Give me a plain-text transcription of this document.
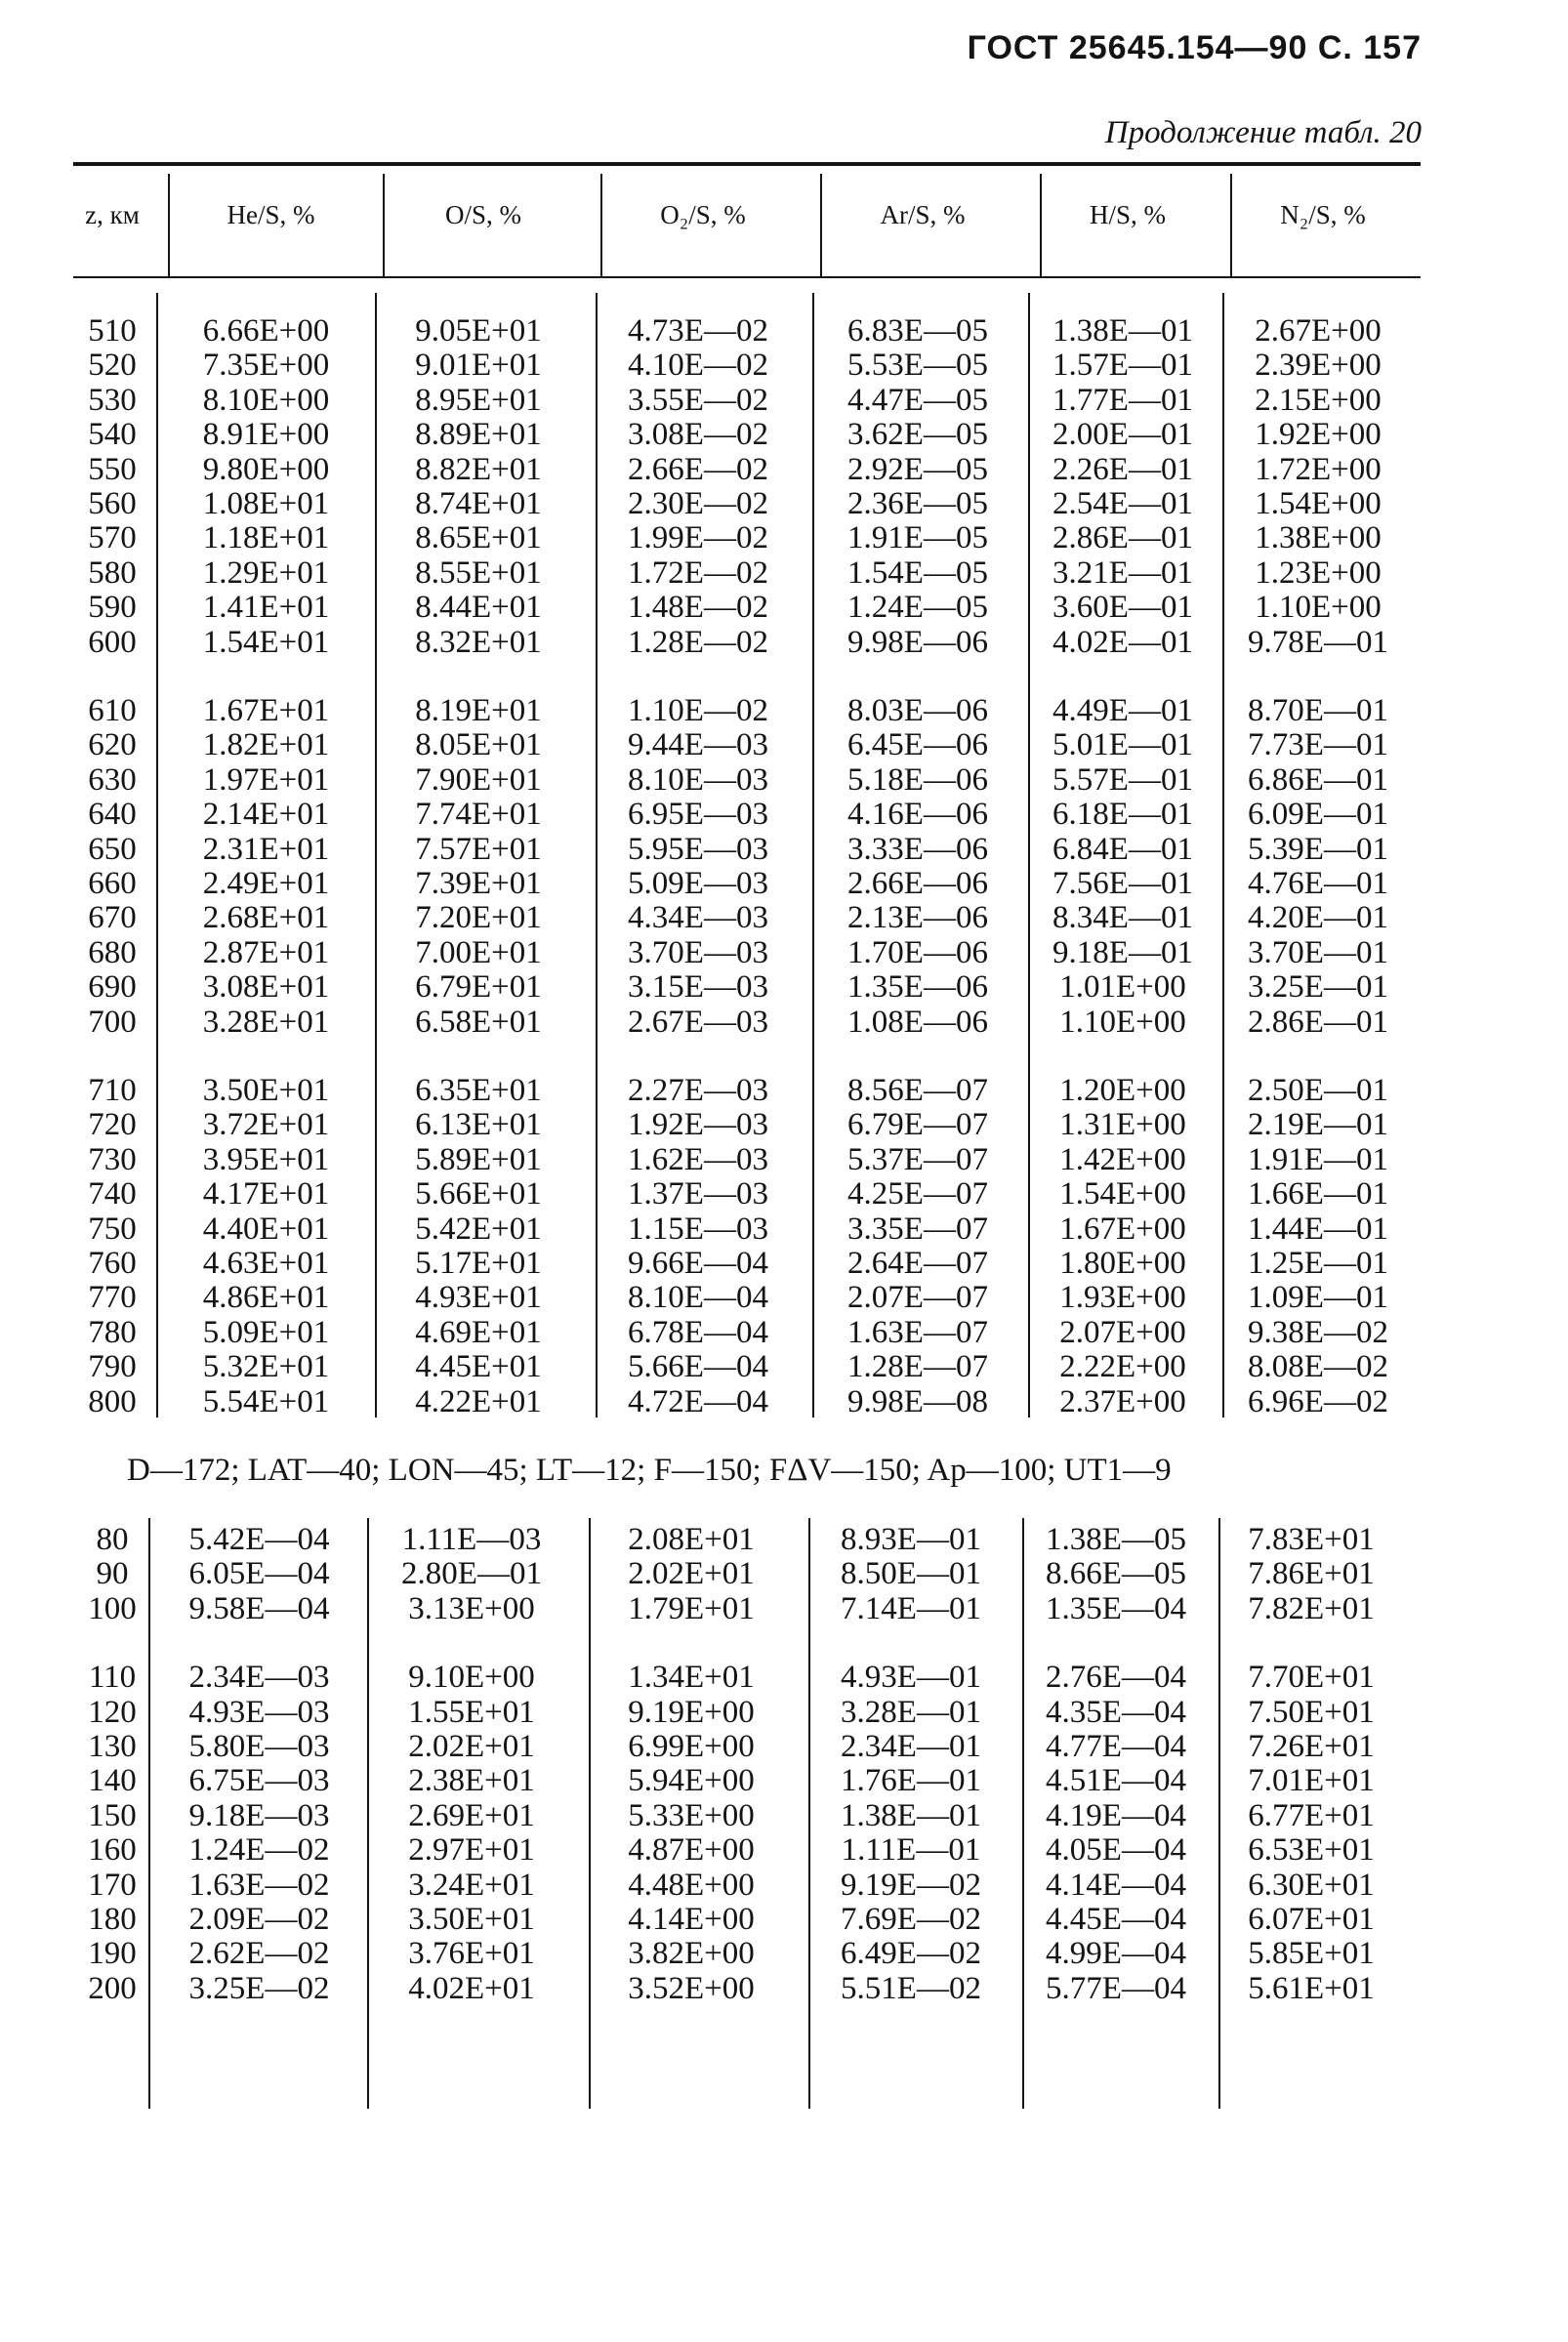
ГОСТ 25645.154—90 С. 157
Продолжение табл. 20
z, км	He/S, %	O/S, %	O₂/S, %	Ar/S, %	H/S, %	N₂/S, %
510	6.66E+00	9.05E+01	4.73E—02	6.83E—05	1.38E—01	2.67E+00
520	7.35E+00	9.01E+01	4.10E—02	5.53E—05	1.57E—01	2.39E+00
530	8.10E+00	8.95E+01	3.55E—02	4.47E—05	1.77E—01	2.15E+00
540	8.91E+00	8.89E+01	3.08E—02	3.62E—05	2.00E—01	1.92E+00
550	9.80E+00	8.82E+01	2.66E—02	2.92E—05	2.26E—01	1.72E+00
560	1.08E+01	8.74E+01	2.30E—02	2.36E—05	2.54E—01	1.54E+00
570	1.18E+01	8.65E+01	1.99E—02	1.91E—05	2.86E—01	1.38E+00
580	1.29E+01	8.55E+01	1.72E—02	1.54E—05	3.21E—01	1.23E+00
590	1.41E+01	8.44E+01	1.48E—02	1.24E—05	3.60E—01	1.10E+00
600	1.54E+01	8.32E+01	1.28E—02	9.98E—06	4.02E—01	9.78E—01
610	1.67E+01	8.19E+01	1.10E—02	8.03E—06	4.49E—01	8.70E—01
620	1.82E+01	8.05E+01	9.44E—03	6.45E—06	5.01E—01	7.73E—01
630	1.97E+01	7.90E+01	8.10E—03	5.18E—06	5.57E—01	6.86E—01
640	2.14E+01	7.74E+01	6.95E—03	4.16E—06	6.18E—01	6.09E—01
650	2.31E+01	7.57E+01	5.95E—03	3.33E—06	6.84E—01	5.39E—01
660	2.49E+01	7.39E+01	5.09E—03	2.66E—06	7.56E—01	4.76E—01
670	2.68E+01	7.20E+01	4.34E—03	2.13E—06	8.34E—01	4.20E—01
680	2.87E+01	7.00E+01	3.70E—03	1.70E—06	9.18E—01	3.70E—01
690	3.08E+01	6.79E+01	3.15E—03	1.35E—06	1.01E+00	3.25E—01
700	3.28E+01	6.58E+01	2.67E—03	1.08E—06	1.10E+00	2.86E—01
710	3.50E+01	6.35E+01	2.27E—03	8.56E—07	1.20E+00	2.50E—01
720	3.72E+01	6.13E+01	1.92E—03	6.79E—07	1.31E+00	2.19E—01
730	3.95E+01	5.89E+01	1.62E—03	5.37E—07	1.42E+00	1.91E—01
740	4.17E+01	5.66E+01	1.37E—03	4.25E—07	1.54E+00	1.66E—01
750	4.40E+01	5.42E+01	1.15E—03	3.35E—07	1.67E+00	1.44E—01
760	4.63E+01	5.17E+01	9.66E—04	2.64E—07	1.80E+00	1.25E—01
770	4.86E+01	4.93E+01	8.10E—04	2.07E—07	1.93E+00	1.09E—01
780	5.09E+01	4.69E+01	6.78E—04	1.63E—07	2.07E+00	9.38E—02
790	5.32E+01	4.45E+01	5.66E—04	1.28E—07	2.22E+00	8.08E—02
800	5.54E+01	4.22E+01	4.72E—04	9.98E—08	2.37E+00	6.96E—02
D—172; LAT—40; LON—45; LT—12; F—150; FΔV—150; Ap—100; UT1—9
80	5.42E—04	1.11E—03	2.08E+01	8.93E—01	1.38E—05	7.83E+01
90	6.05E—04	2.80E—01	2.02E+01	8.50E—01	8.66E—05	7.86E+01
100	9.58E—04	3.13E+00	1.79E+01	7.14E—01	1.35E—04	7.82E+01
110	2.34E—03	9.10E+00	1.34E+01	4.93E—01	2.76E—04	7.70E+01
120	4.93E—03	1.55E+01	9.19E+00	3.28E—01	4.35E—04	7.50E+01
130	5.80E—03	2.02E+01	6.99E+00	2.34E—01	4.77E—04	7.26E+01
140	6.75E—03	2.38E+01	5.94E+00	1.76E—01	4.51E—04	7.01E+01
150	9.18E—03	2.69E+01	5.33E+00	1.38E—01	4.19E—04	6.77E+01
160	1.24E—02	2.97E+01	4.87E+00	1.11E—01	4.05E—04	6.53E+01
170	1.63E—02	3.24E+01	4.48E+00	9.19E—02	4.14E—04	6.30E+01
180	2.09E—02	3.50E+01	4.14E+00	7.69E—02	4.45E—04	6.07E+01
190	2.62E—02	3.76E+01	3.82E+00	6.49E—02	4.99E—04	5.85E+01
200	3.25E—02	4.02E+01	3.52E+00	5.51E—02	5.77E—04	5.61E+01
